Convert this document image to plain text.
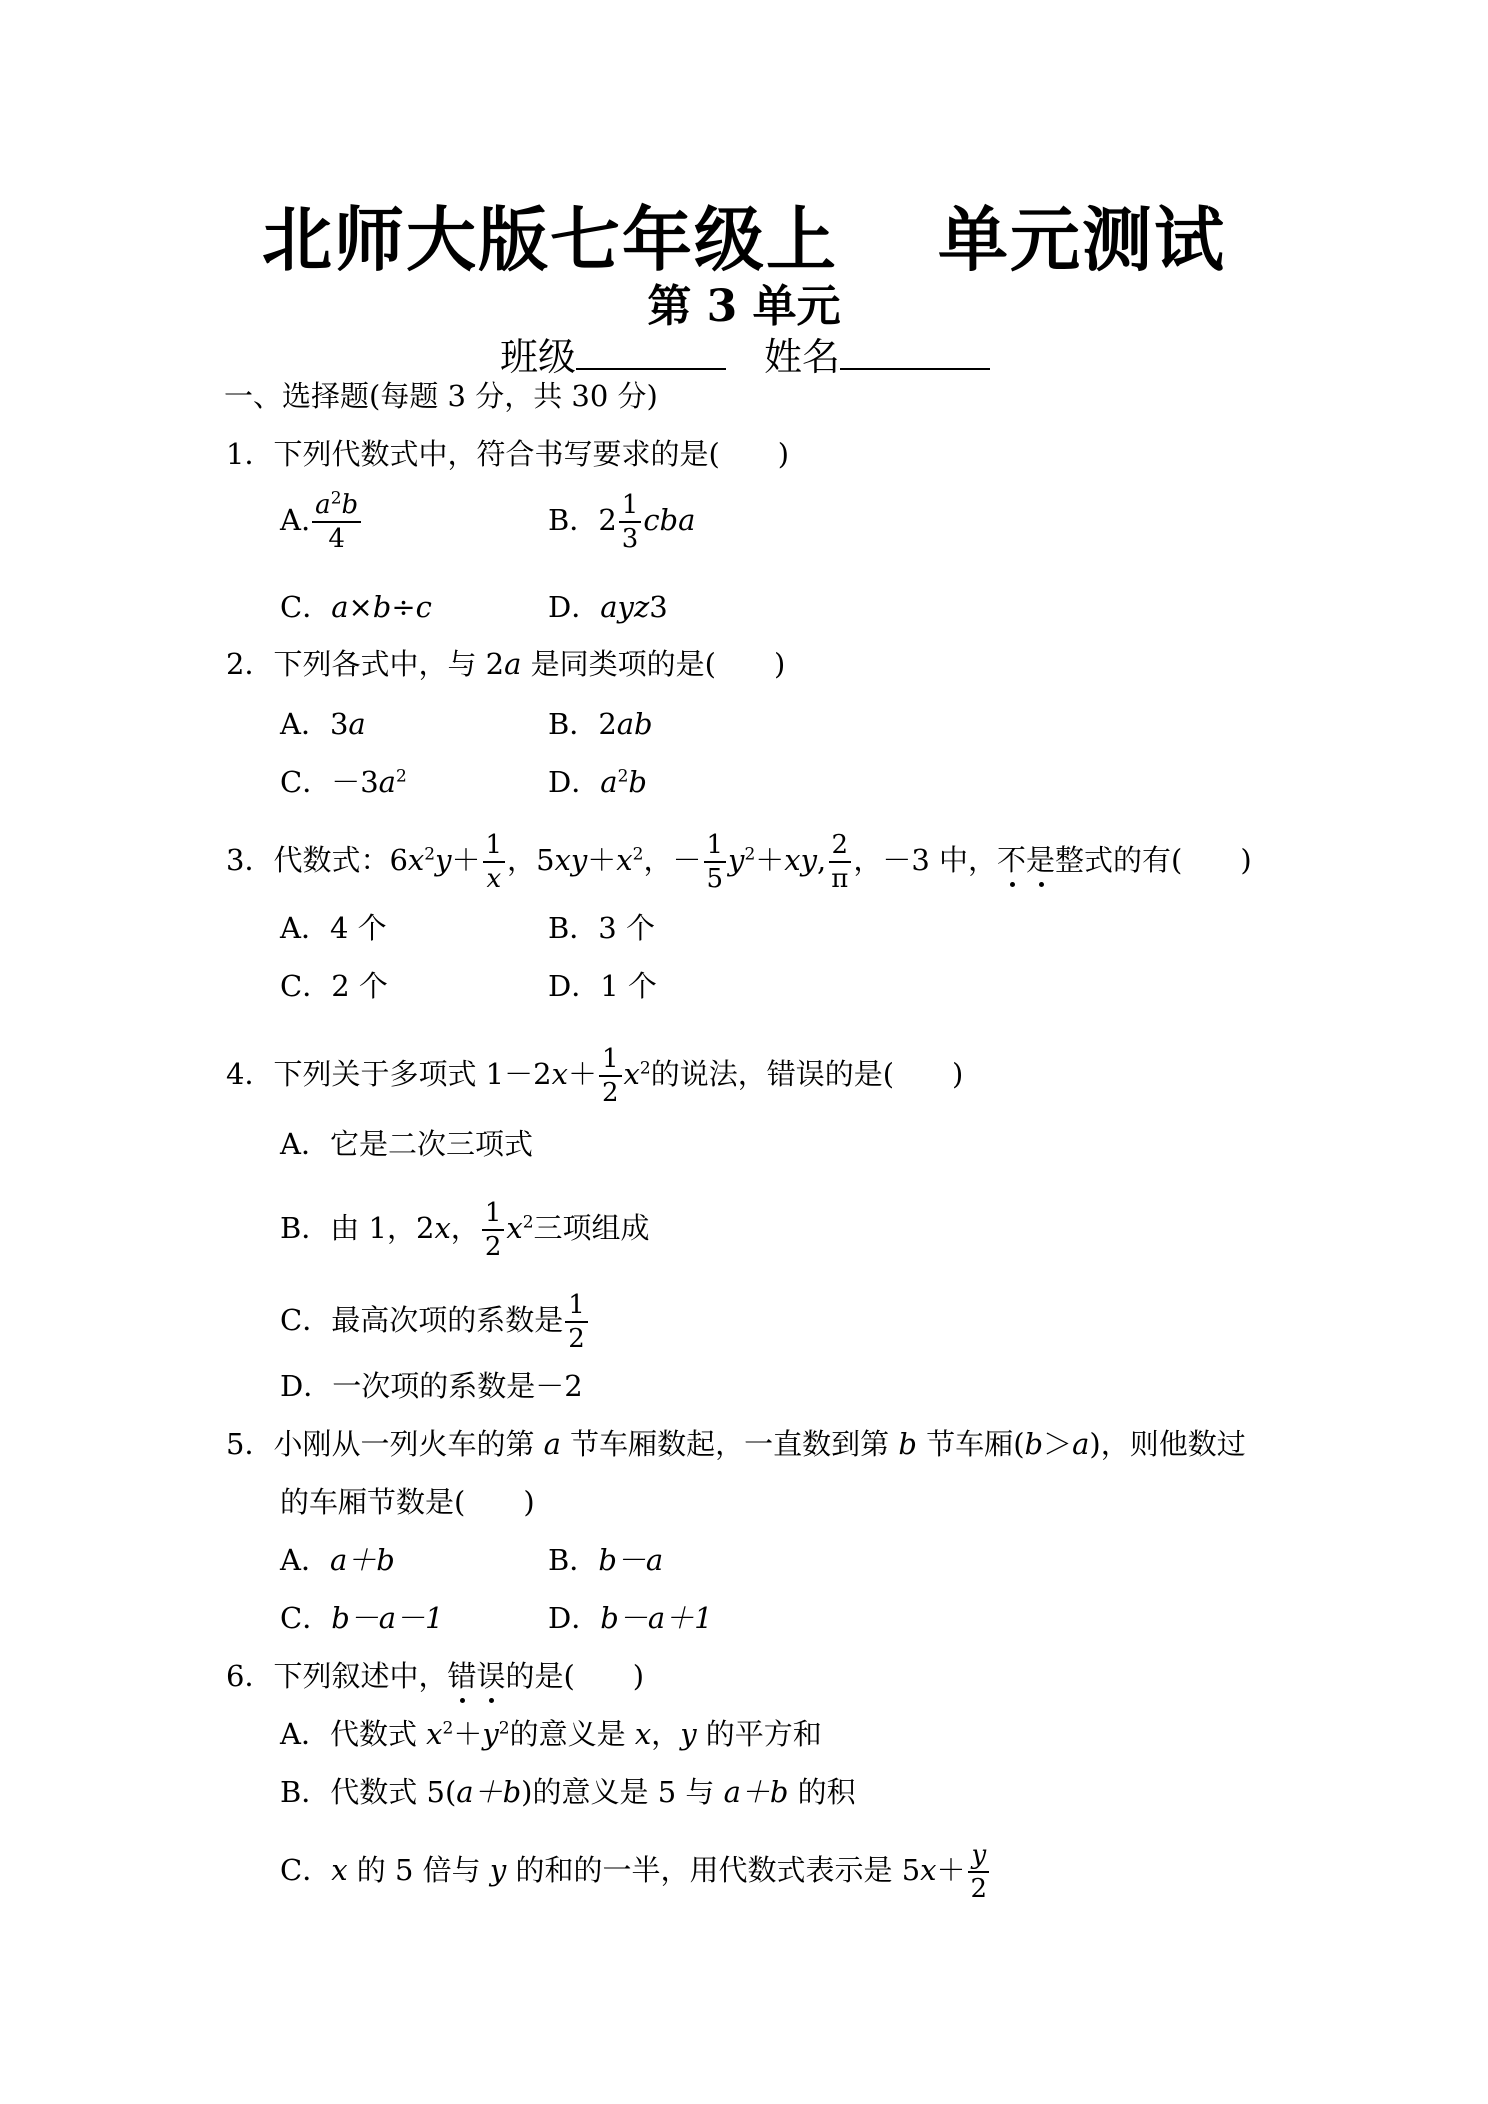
北师大版七年级上 单元测试
第 3 单元
班级	姓名
一、选择题(每题 3 分，共 30 分)
1．下列代数式中，符合书写要求的是(　　)
A. $\frac{a^2b}{4}$	B．$2 \frac{1}{3}$ cba
C．a×b÷c	D．ayz3
2．下列各式中，与 2a 是同类项的是(　　)
A．3a	B．2ab
C．$-3a^2$	D．$a^2b$
3．代数式：$6x^2y+ \frac{1}{x}$ ，$5xy+x^2$，－ $\frac{1}{5} y^2+xy$, $\frac{2}{\pi}$ ，－3 中，不是整式的有(　　)
A．4 个	B．3 个
C．2 个	D．1 个
4．下列关于多项式 $1-2x+ \frac{1}{2} x^2$的说法，错误的是(　　)
A．它是二次三项式
B．由 1，2x， $\frac{1}{2} x^2$三项组成
C．最高次项的系数是 $\frac{1}{2}$
D．一次项的系数是－2
5．小刚从一列火车的第 a 节车厢数起，一直数到第 b 节车厢(b＞a)，则他数过
的车厢节数是(　　)
A．a＋b	B．b－a
C．b－a－1	D．b－a＋1
6．下列叙述中，错误的是(　　)
A．代数式 $x^2+y^2$的意义是 x，y 的平方和
B．代数式 5(a＋b)的意义是 5 与 a＋b 的积
C．x 的 5 倍与 y 的和的一半，用代数式表示是 $5x+ \frac{y}{2}$
